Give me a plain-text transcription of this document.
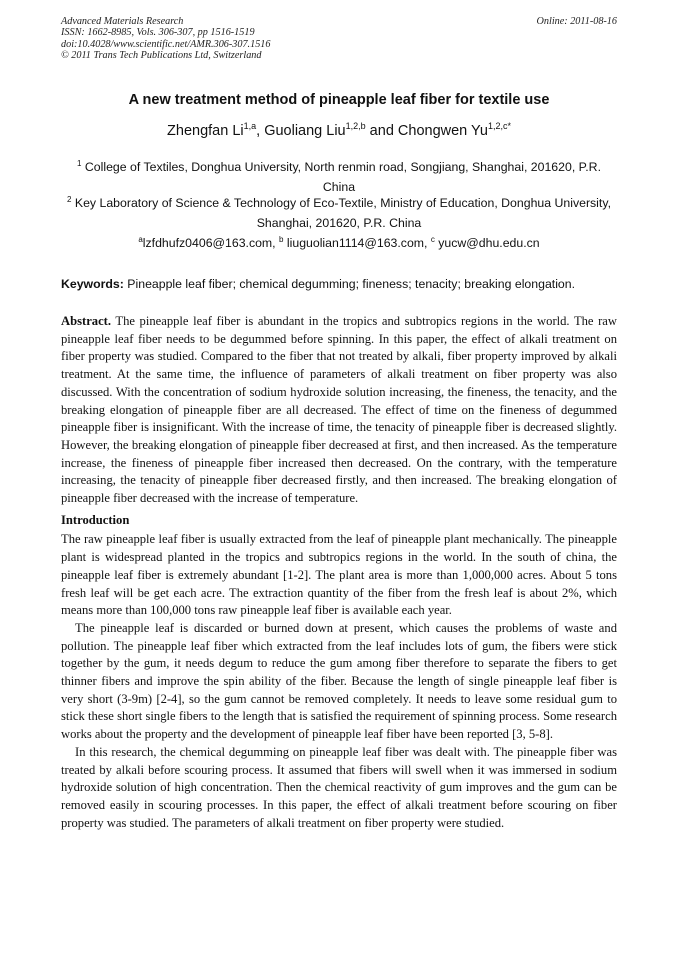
Advanced Materials Research
ISSN: 1662-8985, Vols. 306-307, pp 1516-1519
doi:10.4028/www.scientific.net/AMR.306-307.1516
© 2011 Trans Tech Publications Ltd, Switzerland
Online: 2011-08-16
A new treatment method of pineapple leaf fiber for textile use
Zhengfan Li$^{1,a}$, Guoliang Liu$^{1,2,b}$ and Chongwen $Yu^{1,2,c*}$
$^1$ College of Textiles, Donghua University, North renmin road, Songjiang, Shanghai, 201620, P.R. China
$^2$ Key Laboratory of Science & Technology of Eco-Textile, Ministry of Education, Donghua University, Shanghai, 201620, P.R. China
$^a$lzfdhufz0406@163.com, $^b$ liuguolian1114@163.com, $^c$ yucw@dhu.edu.cn
Keywords: Pineapple leaf fiber; chemical degumming; fineness; tenacity; breaking elongation.

Abstract. The pineapple leaf fiber is abundant in the tropics and subtropics regions in the world. The raw pineapple leaf fiber needs to be degummed before spinning. In this paper, the effect of alkali treatment on fiber property was studied. Compared to the fiber that not treated by alkali, fiber property improved by alkali treatment. At the same time, the influence of parameters of alkali treatment on fiber property was also discussed. With the concentration of sodium hydroxide solution increasing, the fineness, the tenacity, and the breaking elongation of pineapple fiber are all decreased. The effect of time on the fineness of degummed pineapple fiber is insignificant. With the increase of time, the tenacity of pineapple fiber is decreased slightly. However, the breaking elongation of pineapple fiber decreased at first, and then increased. As the temperature increase, the fineness of pineapple fiber increased then decreased. On the contrary, with the temperature increasing, the tenacity of pineapple fiber decreased firstly, and then increased. The breaking elongation of pineapple fiber decreased with the increase of temperature.

Introduction

The raw pineapple leaf fiber is usually extracted from the leaf of pineapple plant mechanically. The pineapple plant is widespread planted in the tropics and subtropics regions in the world. In the south of china, the pineapple leaf fiber is extremely abundant [1-2]. The plant area is more than 1,000,000 acres. About 5 tons fresh leaf will be get each acre. The extraction quantity of the fiber from the fresh leaf is about 2%, which means more than 100,000 tons raw pineapple leaf fiber is available each year.

The pineapple leaf is discarded or burned down at present, which causes the problems of waste and pollution. The pineapple leaf fiber which extracted from the leaf includes lots of gum, the fibers were stick together by the gum, it needs degum to reduce the gum among fiber therefore to separate the fibers to get thinner fibers and improve the spin ability of the fiber. Because the length of single pineapple leaf fiber is very short (3-9m) [2-4], so the gum cannot be removed completely. It needs to leave some residual gum to stick these short single fibers to the length that is satisfied the requirement of spinning process. Some research works about the property and the development of pineapple leaf fiber have been reported [3, 5-8].

In this research, the chemical degumming on pineapple leaf fiber was dealt with. The pineapple fiber was treated by alkali before scouring process. It assumed that fibers will swell when it was immersed in sodium hydroxide solution of high concentration. Then the chemical reactivity of gum improves and the gum can be removed easily in scouring processes. In this paper, the effect of alkali treatment before scouring on fiber property was studied. The parameters of alkali treatment on fiber property were studied.
